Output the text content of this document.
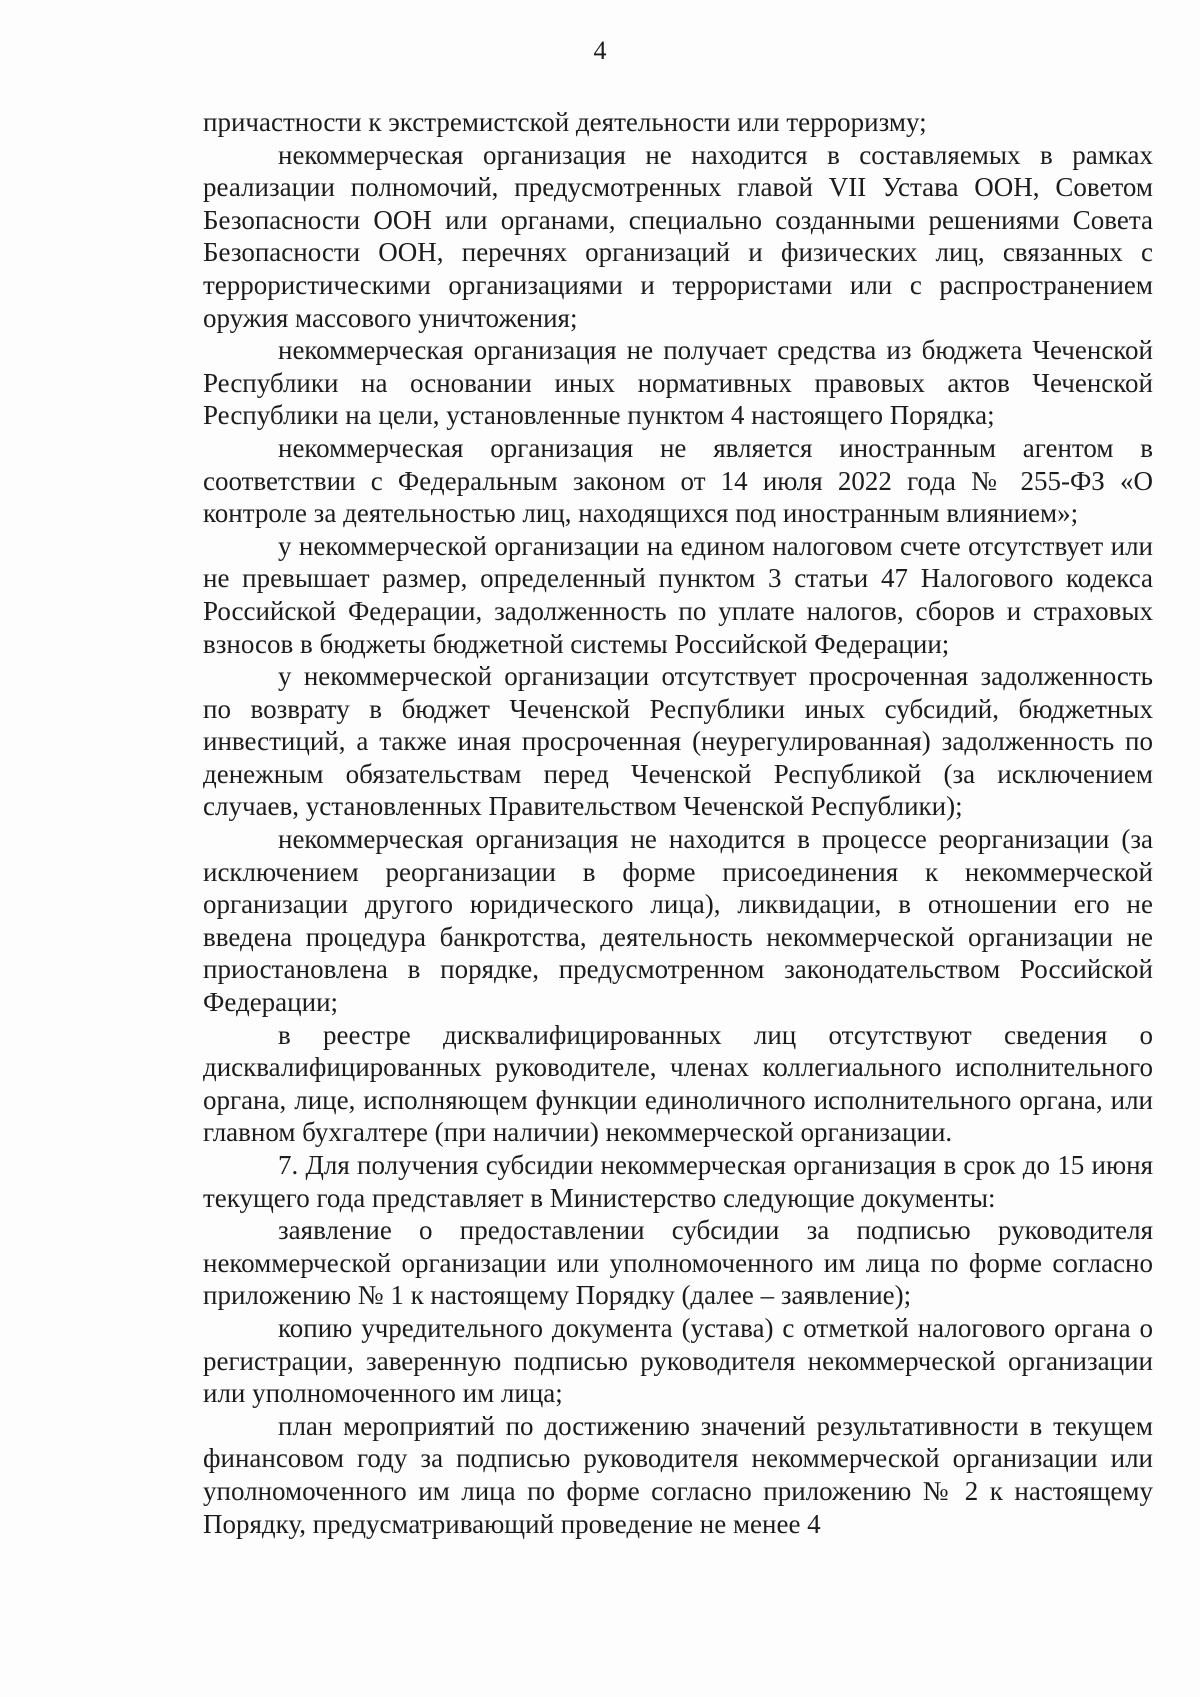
4

причастности к экстремистской деятельности или терроризму;

некоммерческая организация не находится в составляемых в рамках реализации полномочий, предусмотренных главой VII Устава ООН, Советом Безопасности ООН или органами, специально созданными решениями Совета Безопасности ООН, перечнях организаций и физических лиц, связанных с террористическими организациями и террористами или с распространением оружия массового уничтожения;

некоммерческая организация не получает средства из бюджета Чеченской Республики на основании иных нормативных правовых актов Чеченской Республики на цели, установленные пунктом 4 настоящего Порядка;

некоммерческая организация не является иностранным агентом в соответствии с Федеральным законом от 14 июля 2022 года № 255-ФЗ «О контроле за деятельностью лиц, находящихся под иностранным влиянием»;

у некоммерческой организации на едином налоговом счете отсутствует или не превышает размер, определенный пунктом 3 статьи 47 Налогового кодекса Российской Федерации, задолженность по уплате налогов, сборов и страховых взносов в бюджеты бюджетной системы Российской Федерации;

у некоммерческой организации отсутствует просроченная задолженность по возврату в бюджет Чеченской Республики иных субсидий, бюджетных инвестиций, а также иная просроченная (неурегулированная) задолженность по денежным обязательствам перед Чеченской Республикой (за исключением случаев, установленных Правительством Чеченской Республики);

некоммерческая организация не находится в процессе реорганизации (за исключением реорганизации в форме присоединения к некоммерческой организации другого юридического лица), ликвидации, в отношении его не введена процедура банкротства, деятельность некоммерческой организации не приостановлена в порядке, предусмотренном законодательством Российской Федерации;

в реестре дисквалифицированных лиц отсутствуют сведения о дисквалифицированных руководителе, членах коллегиального исполнительного органа, лице, исполняющем функции единоличного исполнительного органа, или главном бухгалтере (при наличии) некоммерческой организации.

7. Для получения субсидии некоммерческая организация в срок до 15 июня текущего года представляет в Министерство следующие документы:

заявление о предоставлении субсидии за подписью руководителя некоммерческой организации или уполномоченного им лица по форме согласно приложению № 1 к настоящему Порядку (далее – заявление);

копию учредительного документа (устава) с отметкой налогового органа о регистрации, заверенную подписью руководителя некоммерческой организации или уполномоченного им лица;

план мероприятий по достижению значений результативности в текущем финансовом году за подписью руководителя некоммерческой организации или уполномоченного им лица по форме согласно приложению № 2 к настоящему Порядку, предусматривающий проведение не менее 4
